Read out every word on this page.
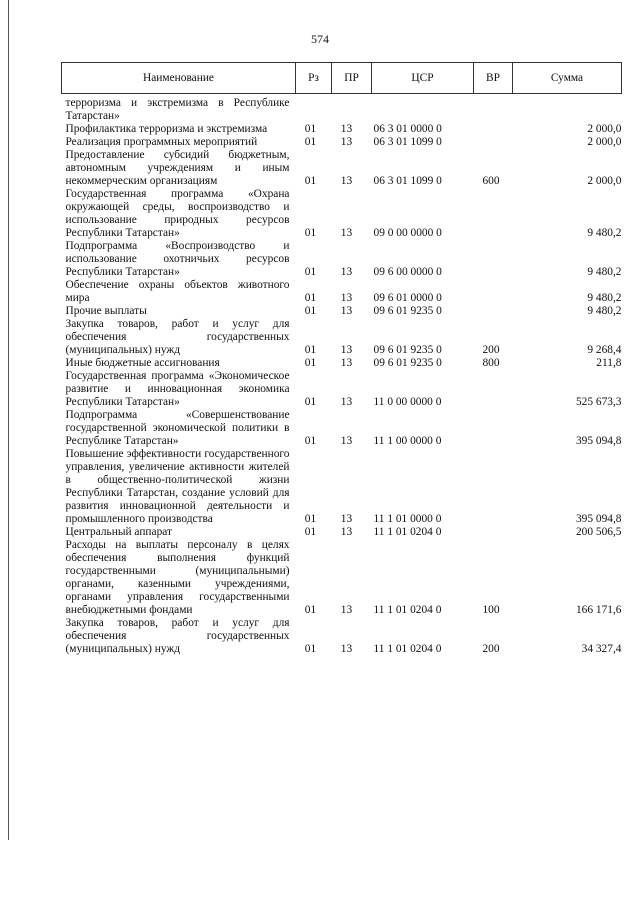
574
Наименование	Рз	ПР	ЦСР	ВР	Сумма
терроризма и экстремизма в Республике Татарстан»					
Профилактика терроризма и экстремизма	01	13	06 3 01 0000 0		2 000,0
Реализация программных мероприятий	01	13	06 3 01 1099 0		2 000,0
Предоставление субсидий бюджетным, автономным учреждениям и иным некоммерческим организациям	01	13	06 3 01 1099 0	600	2 000,0
Государственная программа «Охрана окружающей среды, воспроизводство и использование природных ресурсов Республики Татарстан»	01	13	09 0 00 0000 0		9 480,2
Подпрограмма «Воспроизводство и использование охотничьих ресурсов Республики Татарстан»	01	13	09 6 00 0000 0		9 480,2
Обеспечение охраны объектов животного мира	01	13	09 6 01 0000 0		9 480,2
Прочие выплаты	01	13	09 6 01 9235 0		9 480,2
Закупка товаров, работ и услуг для обеспечения государственных (муниципальных) нужд	01	13	09 6 01 9235 0	200	9 268,4
Иные бюджетные ассигнования	01	13	09 6 01 9235 0	800	211,8
Государственная программа «Экономическое развитие и инновационная экономика Республики Татарстан»	01	13	11 0 00 0000 0		525 673,3
Подпрограмма «Совершенствование государственной экономической политики в Республике Татарстан»	01	13	11 1 00 0000 0		395 094,8
Повышение эффективности государственного управления, увеличение активности жителей в общественно-политической жизни Республики Татарстан, создание условий для развития инновационной деятельности и промышленного производства	01	13	11 1 01 0000 0		395 094,8
Центральный аппарат	01	13	11 1 01 0204 0		200 506,5
Расходы на выплаты персоналу в целях обеспечения выполнения функций государственными (муниципальными) органами, казенными учреждениями, органами управления государственными внебюджетными фондами	01	13	11 1 01 0204 0	100	166 171,6
Закупка товаров, работ и услуг для обеспечения государственных (муниципальных) нужд	01	13	11 1 01 0204 0	200	34 327,4
